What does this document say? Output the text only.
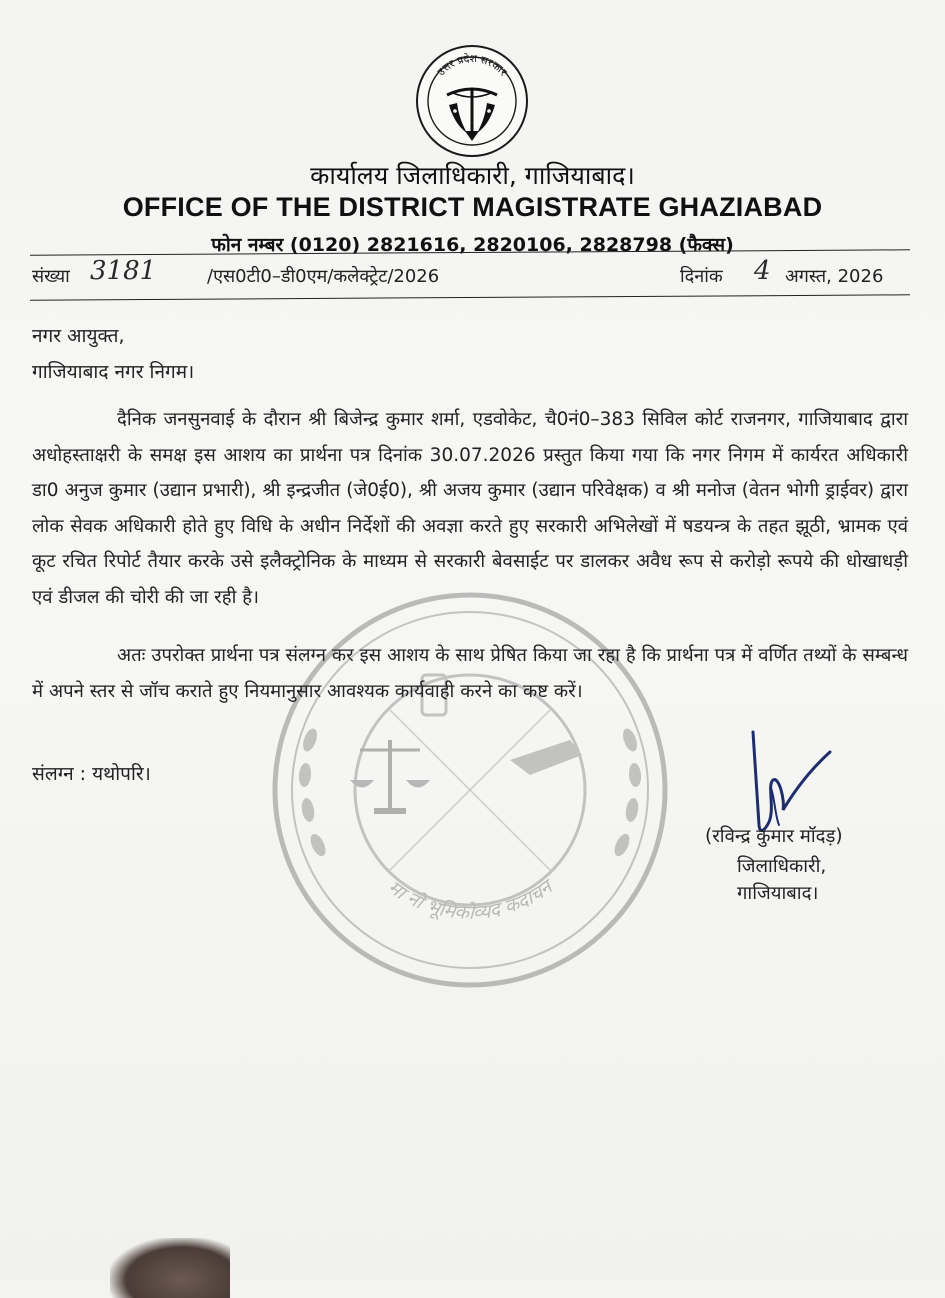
उत्तर प्रदेश सरकार
कार्यालय जिलाधिकारी, गाजियाबाद।
OFFICE OF THE DISTRICT MAGISTRATE GHAZIABAD
फोन नम्बर (0120) 2821616, 2820106, 2828798 (फैक्स)
संख्या 3181	/एस0टी0–डी0एम/कलेक्ट्रेट/2026	दिनांक 4 अगस्त, 2026
नगर आयुक्त,
गाजियाबाद नगर निगम।
मा नो भूमिकोव्यद कदाचन
दैनिक जनसुनवाई के दौरान श्री बिजेन्द्र कुमार शर्मा, एडवोकेट, चै0नं0–383 सिविल कोर्ट राजनगर, गाजियाबाद द्वारा अधोहस्ताक्षरी के समक्ष इस आशय का प्रार्थना पत्र दिनांक 30.07.2026 प्रस्तुत किया गया कि नगर निगम में कार्यरत अधिकारी डा0 अनुज कुमार (उद्यान प्रभारी), श्री इन्द्रजीत (जे0ई0), श्री अजय कुमार (उद्यान परिवेक्षक) व श्री मनोज (वेतन भोगी ड्राईवर) द्वारा लोक सेवक अधिकारी होते हुए विधि के अधीन निर्देशों की अवज्ञा करते हुए सरकारी अभिलेखों में षडयन्त्र के तहत झूठी, भ्रामक एवं कूट रचित रिपोर्ट तैयार करके उसे इलैक्ट्रोनिक के माध्यम से सरकारी बेवसाईट पर डालकर अवैध रूप से करोड़ो रूपये की धोखाधड़ी एवं डीजल की चोरी की जा रही है।
अतः उपरोक्त प्रार्थना पत्र संलग्न कर इस आशय के साथ प्रेषित किया जा रहा है कि प्रार्थना पत्र में वर्णित तथ्यों के सम्बन्ध में अपने स्तर से जॉच कराते हुए नियमानुसार आवश्यक कार्यवाही करने का कष्ट करें।
संलग्न : यथोपरि।
(रविन्द्र कुमार मॉदड़)
जिलाधिकारी,
गाजियाबाद।
